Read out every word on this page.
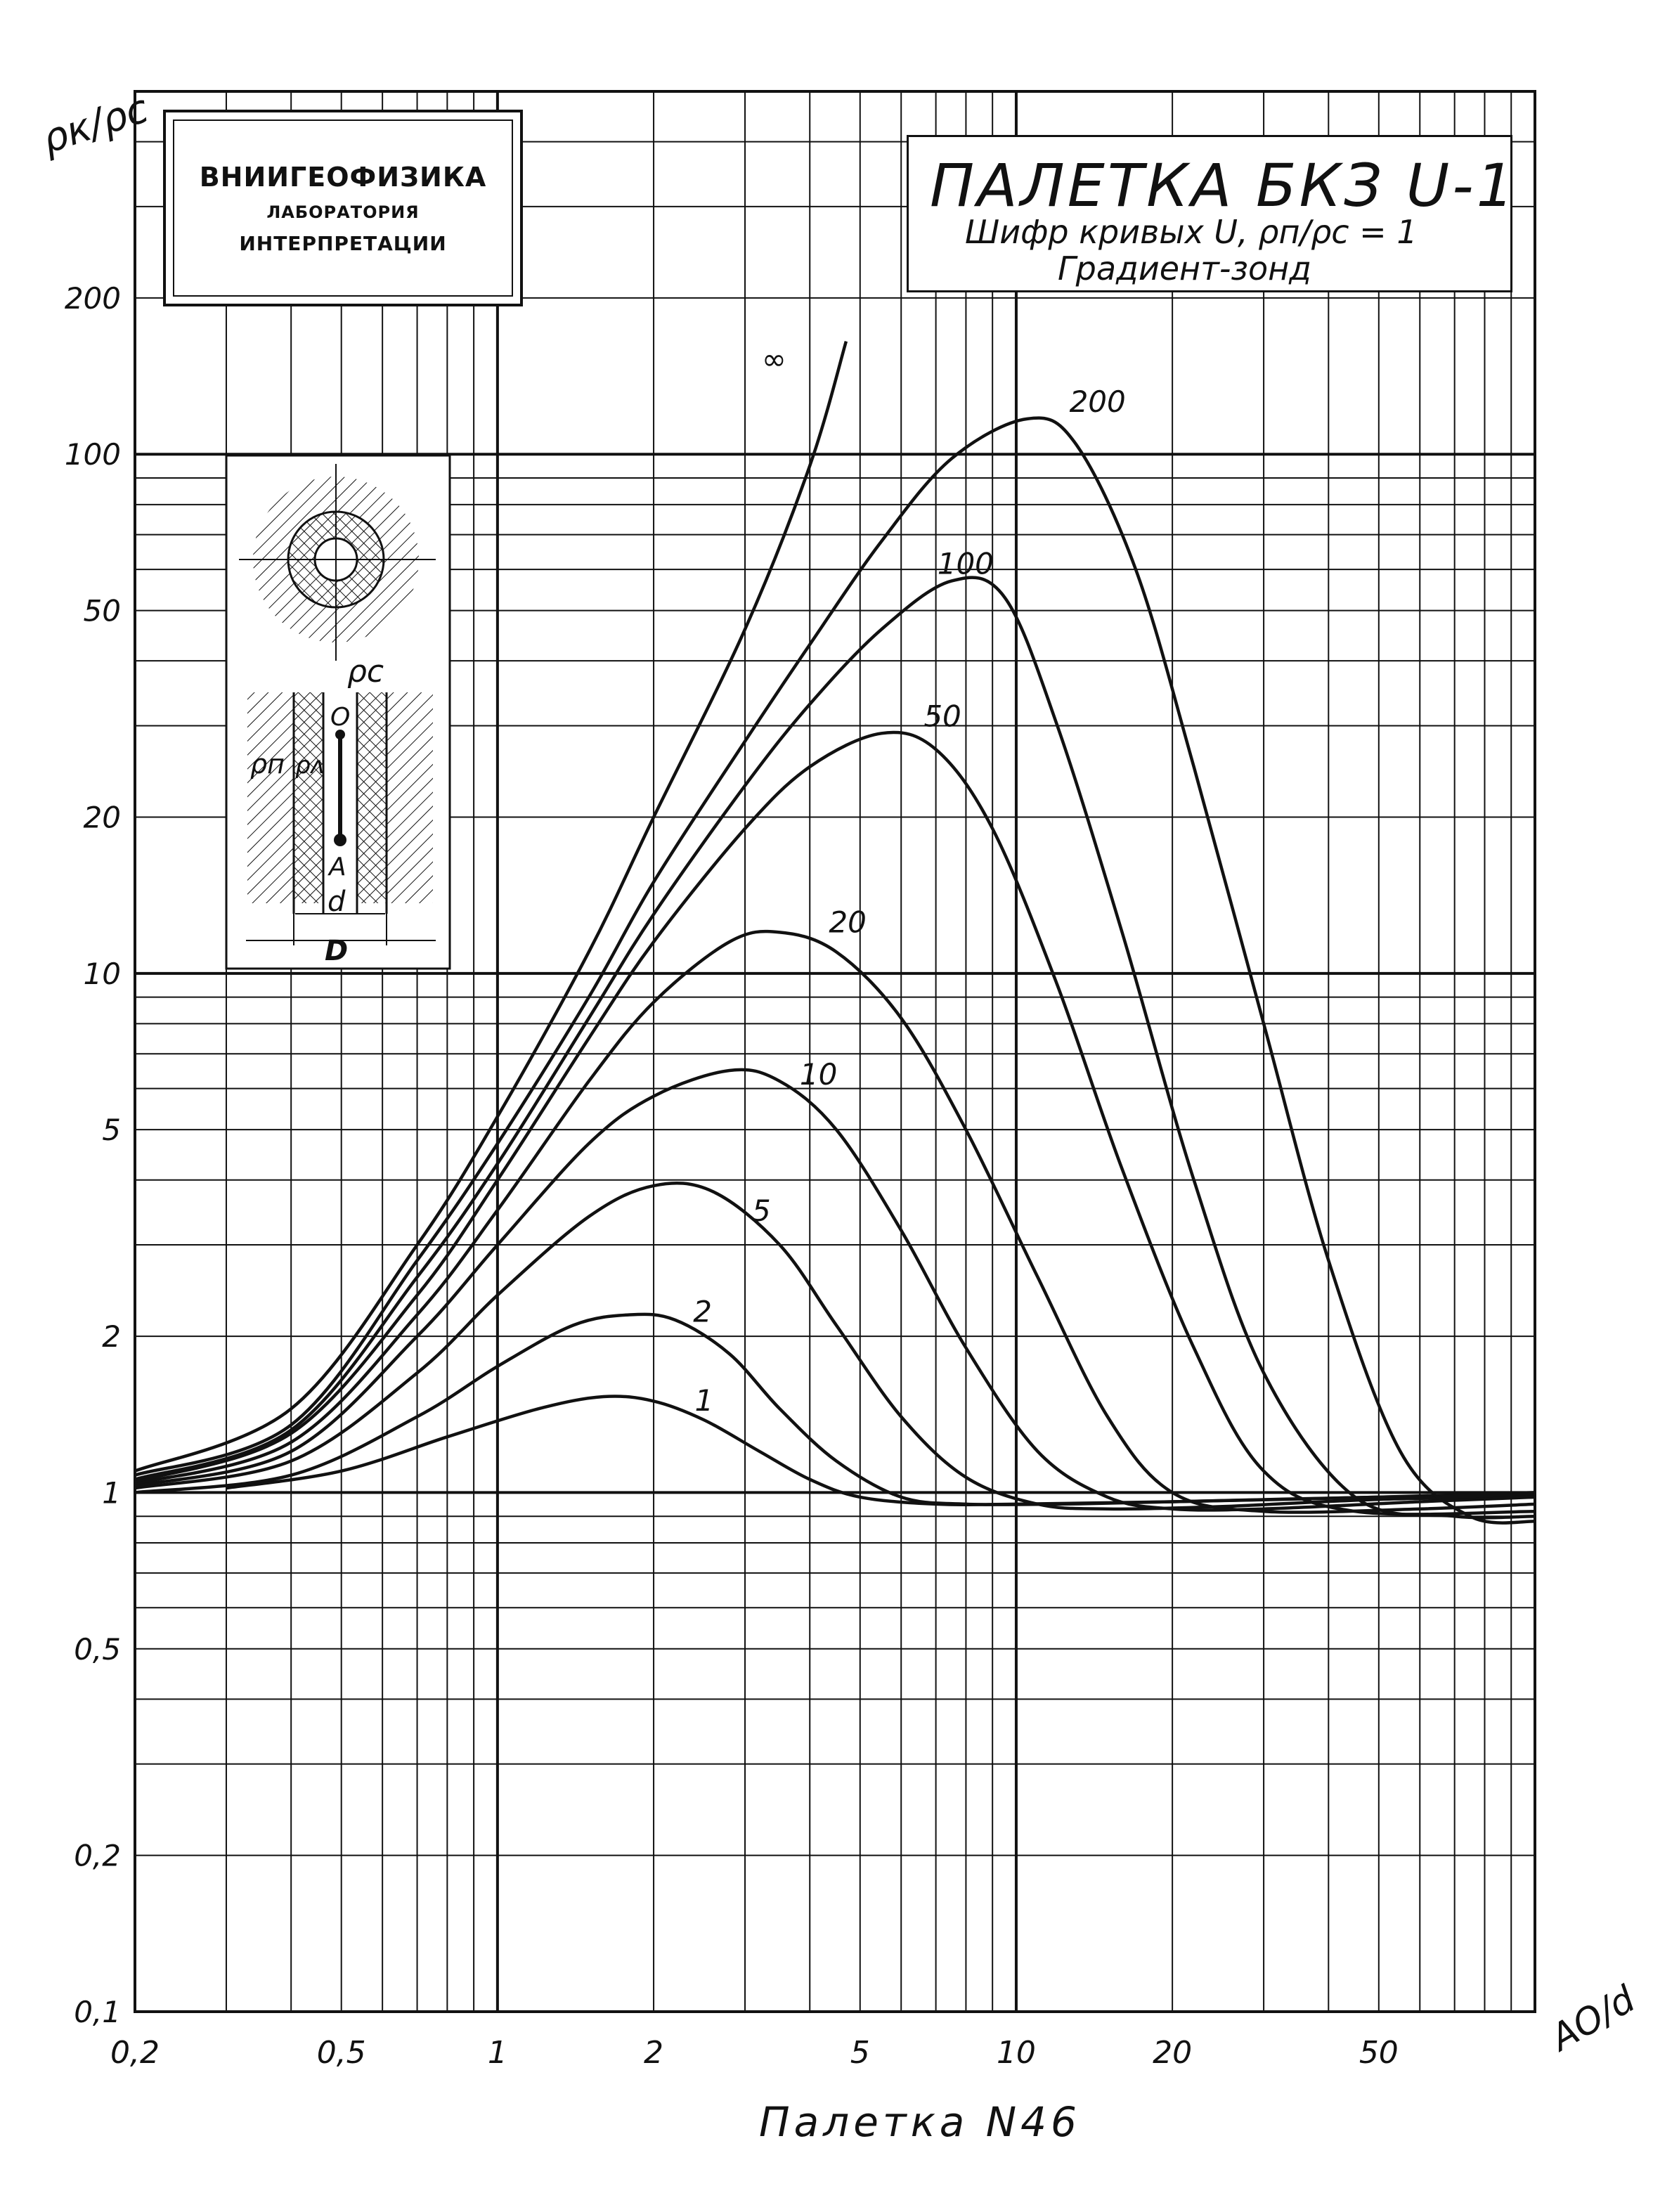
0,2	0,5	1	2	5	10	20	50
0,1
0,2
0,5
1
2
5
10
20
50
100
200
∞
200
100
50
20
10
5
2
1
ρк/ρс
AO/d
ρc
ρп ρʌ
O
A
d
D
ВНИИГЕОФИЗИКА
ЛАБОРАТОРИЯ
ИНТЕРПРЕТАЦИИ
ПАЛЕТКА БКЗ U-1
Шифр кривых U, ρп/ρс = 1
Градиент-зонд
Палетка N46
